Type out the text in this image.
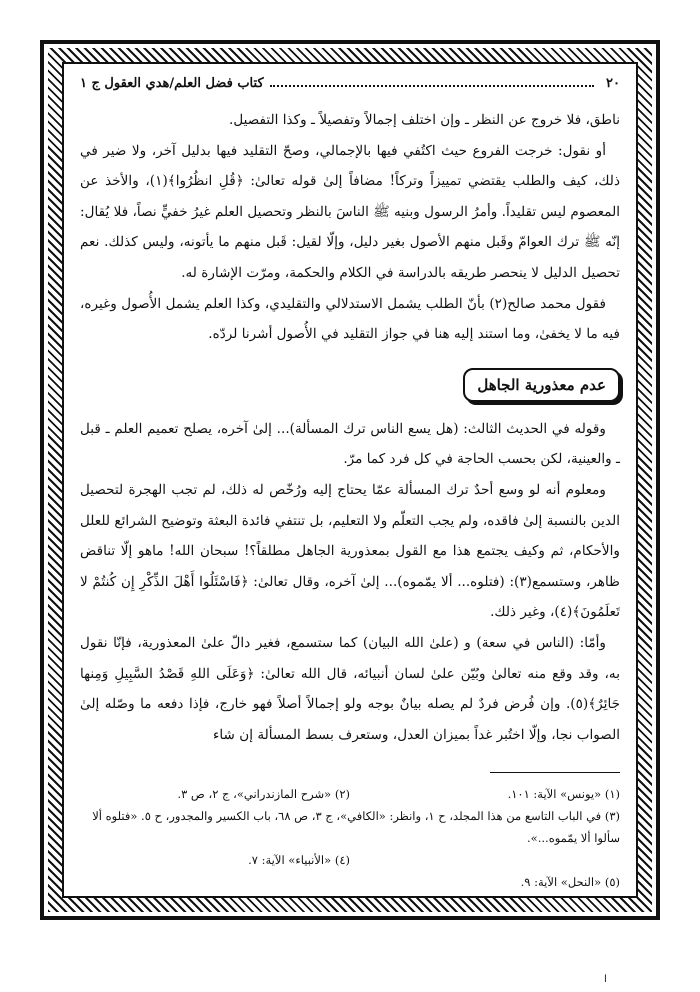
٢٠
كتاب فضل العلم/هدي العقول ج ١

ناطق، فلا خروج عن النظر ـ وإن اختلف إجمالاً وتفصيلاً ـ وكذا التفصيل.

أو نقول: خرجت الفروع حيث اكتُفي فيها بالإجمالي، وصحّ التقليد فيها بدليل آخر، ولا ضير في ذلك، كيف والطلب يقتضي تمييزاً وتركاً! مضافاً إلىٰ قوله تعالىٰ: ﴿قُلِ انظُرُوا﴾(١)، والأخذ عن المعصوم ليس تقليداً. وأمرُ الرسول وبنيه ﷺ الناسَ بالنظر وتحصيل العلم غيرُ خفيٍّ نصاً، فلا يُقال: إنّه ﷺ ترك العوامّ وقَبل منهم الأصول بغير دليل، وإلّا لقيل: قَبل منهم ما يأتونه، وليس كذلك. نعم تحصيل الدليل لا ينحصر طريقه بالدراسة في الكلام والحكمة، ومرّت الإشارة له.

فقول محمد صالح(٢) بأنّ الطلب يشمل الاستدلالي والتقليدي، وكذا العلم يشمل الأُصول وغيره، فيه ما لا يخفىٰ، وما استند إليه هنا في جواز التقليد في الأُصول أشرنا لردّه.

عدم معذورية الجاهل

وقوله في الحديث الثالث: (هل يسع الناس ترك المسألة)... إلىٰ آخره، يصلح تعميم العلم ـ قبل ـ والعينية، لكن بحسب الحاجة في كل فرد كما مرّ.

ومعلوم أنه لو وسع أحدٌ ترك المسألة عمّا يحتاج إليه ورُخّص له ذلك، لم تجب الهجرة لتحصيل الدين بالنسبة إلىٰ فاقده، ولم يجب التعلّم ولا التعليم، بل تنتفي فائدة البعثة وتوضيح الشرائع للعلل والأحكام، ثم وكيف يجتمع هذا مع القول بمعذورية الجاهل مطلقاً؟! سبحان الله! ماهو إلّا تناقض ظاهر، وستسمع(٣): (فتلوه... ألا يمّموه)... إلىٰ آخره، وقال تعالىٰ: ﴿فَاسْئَلُوا أَهْلَ الذِّكْرِ إِن كُنتُمْ لا تَعلَمُونَ﴾(٤)، وغير ذلك.

وأمّا: (الناس في سعة) و (علىٰ الله البيان) كما ستسمع، فغير دالّ علىٰ المعذورية، فإنّا نقول به، وقد وقع منه تعالىٰ وبُيّن علىٰ لسان أنبيائه، قال الله تعالىٰ: ﴿وَعَلَى اللهِ قَصْدُ السَّبِيلِ وَمِنها جَائِرٌ﴾(٥). وإن فُرض فردٌ لم يصله بيانٌ بوجه ولو إجمالاً أصلاً فهو خارج، فإذا دفعه ما وصّله إلىٰ الصواب نجا، وإلّا اختُبر غداً بميزان العدل، وستعرف بسط المسألة إن شاء

(١) «يونس» الآية: ١٠١.
(٢) «شرح المازندراني»، ج ٢، ص ٣.
(٣) في الباب التاسع من هذا المجلد، ح ١، وانظر: «الكافي»، ج ٣، ص ٦٨، باب الكسير والمجدور، ح ٥. «فتلوه ألا سألوا ألا يمّموه...».
(٤) «الأنبياء» الآية: ٧.
(٥) «النحل» الآية: ٩.
ا
